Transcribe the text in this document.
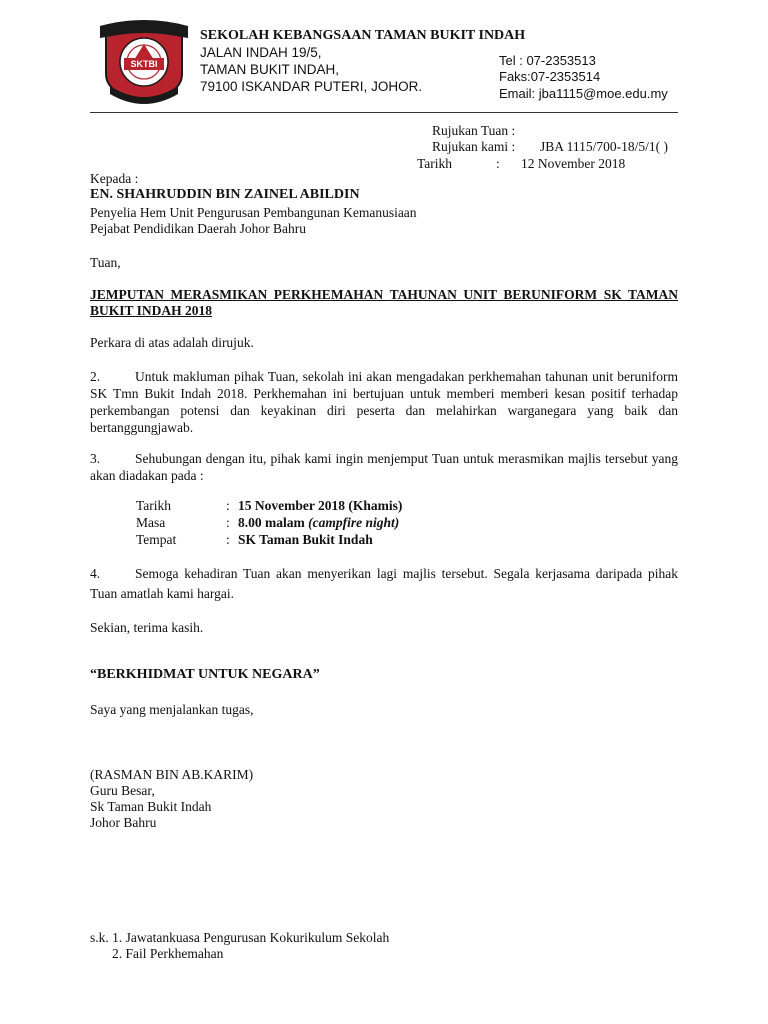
SKTBI
SEKOLAH KEBANGSAAN TAMAN BUKIT INDAH
JALAN INDAH 19/5,
TAMAN BUKIT INDAH,
79100 ISKANDAR PUTERI, JOHOR.
Tel : 07-2353513
Faks:07-2353514
Email: jba1115@moe.edu.my
Rujukan Tuan :
Rujukan kami : JBA 1115/700-18/5/1( )
Tarikh	: 12 November 2018
Kepada :
EN. SHAHRUDDIN BIN ZAINEL ABILDIN
Penyelia Hem Unit Pengurusan Pembangunan Kemanusiaan
Pejabat Pendidikan Daerah Johor Bahru
Tuan,
JEMPUTAN MERASMIKAN PERKHEMAHAN TAHUNAN UNIT BERUNIFORM SK TAMAN BUKIT INDAH 2018
Perkara di atas adalah dirujuk.
2.	Untuk makluman pihak Tuan, sekolah ini akan mengadakan perkhemahan tahunan unit beruniform SK Tmn Bukit Indah 2018. Perkhemahan ini bertujuan untuk memberi memberi kesan positif terhadap perkembangan potensi dan keyakinan diri peserta dan melahirkan warganegara yang baik dan bertanggungjawab.
3.	Sehubungan dengan itu, pihak kami ingin menjemput Tuan untuk merasmikan majlis tersebut yang akan diadakan pada :
Tarikh	: 15 November 2018 (Khamis)
Masa	: 8.00 malam (campfire night)
Tempat	: SK Taman Bukit Indah
4.	Semoga kehadiran Tuan akan menyerikan lagi majlis tersebut. Segala kerjasama daripada pihak Tuan amatlah kami hargai.
Sekian, terima kasih.
“BERKHIDMAT UNTUK NEGARA”
Saya yang menjalankan tugas,
(RASMAN BIN AB.KARIM)
Guru Besar,
Sk Taman Bukit Indah
Johor Bahru
s.k. 1. Jawatankuasa Pengurusan Kokurikulum Sekolah
2. Fail Perkhemahan
